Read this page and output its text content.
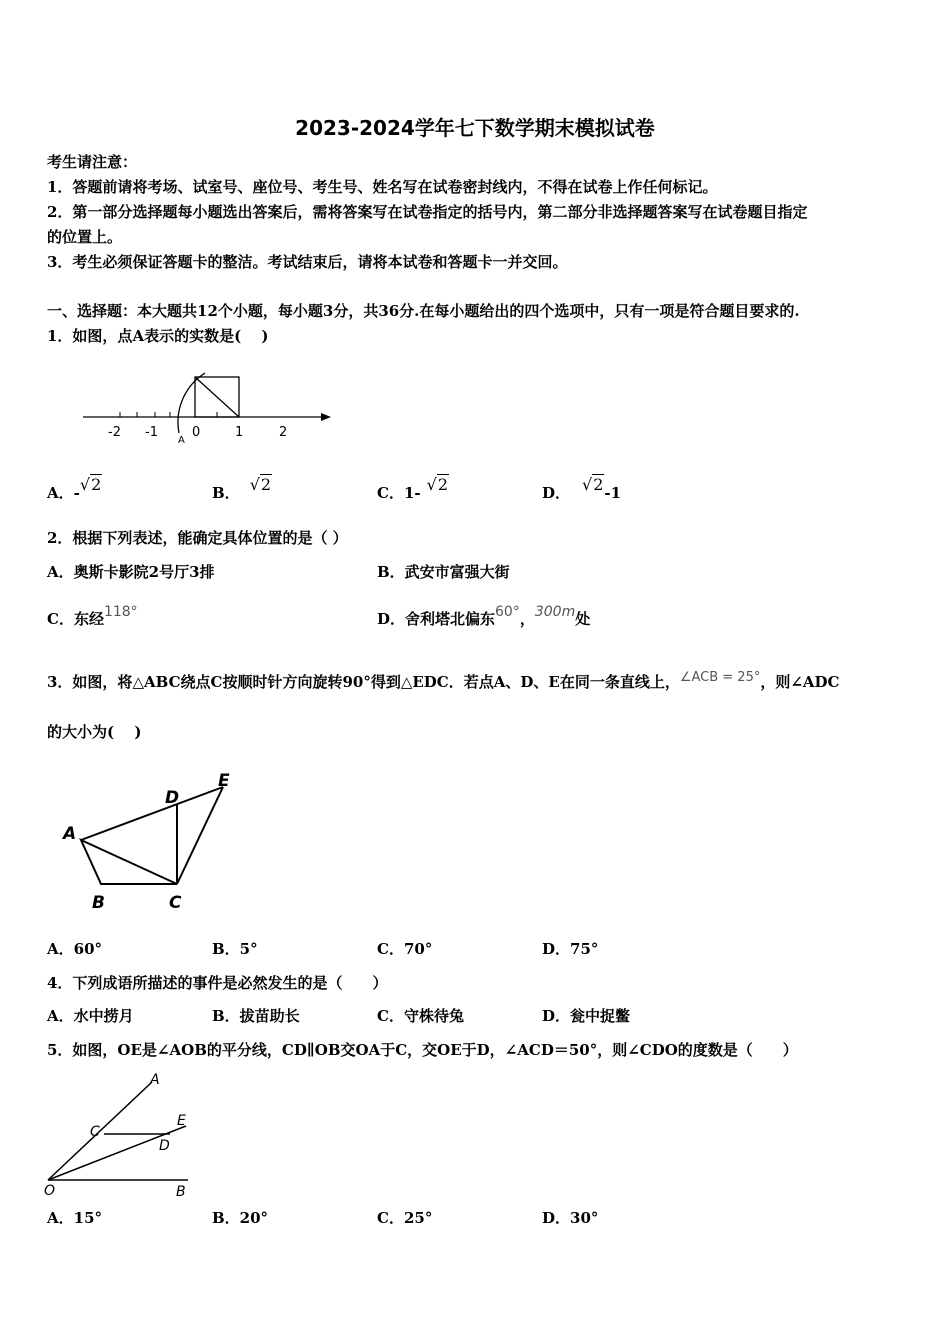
2023-2024学年七下数学期末模拟试卷
考生请注意：
1．答题前请将考场、试室号、座位号、考生号、姓名写在试卷密封线内，不得在试卷上作任何标记。
2．第一部分选择题每小题选出答案后，需将答案写在试卷指定的括号内，第二部分非选择题答案写在试卷题目指定
的位置上。
3．考生必须保证答题卡的整洁。考试结束后，请将本试卷和答题卡一并交回。
一、选择题：本大题共12个小题，每小题3分，共36分.在每小题给出的四个选项中，只有一项是符合题目要求的.
1．如图，点A表示的实数是(　 )
-2 -1	0	1	2
A
A．-√2	B． √2	C．1- √2	D． √2-1
2．根据下列表述，能确定具体位置的是（ ）
A．奥斯卡影院2号厅3排	B．武安市富强大街
C．东经118°	D．舍利塔北偏东60°，300m处
3．如图，将△ABC绕点C按顺时针方向旋转90°得到△EDC．若点A、D、E在同一条直线上，∠ACB = 25°，则∠ADC
的大小为(　 )
A
B	C
D
E
A．60°	B．5°	C．70°	D．75°
4．下列成语所描述的事件是必然发生的是（　　）
A．水中捞月	B．拔苗助长	C．守株待兔	D．瓮中捉鳖
5．如图，OE是∠AOB的平分线，CD∥OB交OA于C，交OE于D，∠ACD＝50°，则∠CDO的度数是（　　）
A
E
C
D
O	B
A．15°	B．20°	C．25°	D．30°
